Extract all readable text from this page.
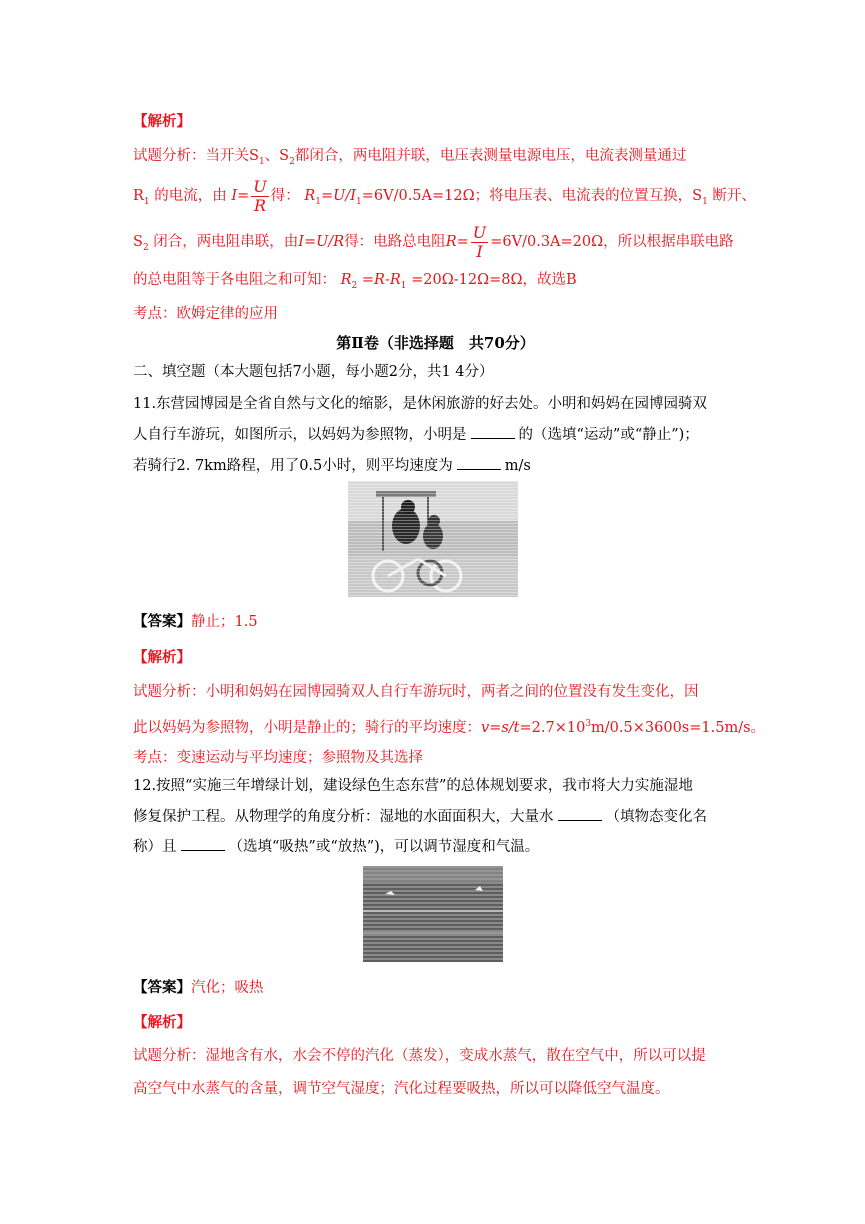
【解析】
试题分析：当开关$S_1$、$S_2$都闭合，两电阻并联，电压表测量电源电压，电流表测量通过
$R_1$ 的电流，由 $I= \frac{U}{R}$ 得： $R_1=U/I_1=6V/0.5A=12\Omega$；将电压表、电流表的位置互换，$S_1$ 断开、
$S_2$ 闭合，两电阻串联，由I=U/R得：电路总电阻$R= \frac{U}{I} =6V/0.3A=20\Omega$，所以根据串联电路
的总电阻等于各电阻之和可知： $R_2 =R-R_1 =20\Omega-12\Omega=8\Omega$，故选B
考点：欧姆定律的应用
第Ⅱ卷（非选择题　共70分）
二、填空题（本大题包括7小题，每小题2分，共1 4分）
11.东营园博园是全省自然与文化的缩影，是休闲旅游的好去处。小明和妈妈在园博园骑双
人自行车游玩，如图所示，以妈妈为参照物，小明是	的（选填“运动”或“静止”)；
若骑行2. 7km路程，用了0.5小时，则平均速度为	m/s
【答案】静止；1.5
【解析】
试题分析：小明和妈妈在园博园骑双人自行车游玩时，两者之间的位置没有发生变化，因
此以妈妈为参照物，小明是静止的；骑行的平均速度：$v=s/t=2.7\times 10^3m/0.5\times 3600s=1.5m/s$。
考点：变速运动与平均速度；参照物及其选择
12.按照“实施三年增绿计划，建设绿色生态东营”的总体规划要求，我市将大力实施湿地
修复保护工程。从物理学的角度分析：湿地的水面面积大，大量水	（填物态变化名
称）且	（选填“吸热”或“放热”)，可以调节湿度和气温。
【答案】汽化；吸热
【解析】
试题分析：湿地含有水，水会不停的汽化（蒸发），变成水蒸气，散在空气中，所以可以提
高空气中水蒸气的含量，调节空气湿度；汽化过程要吸热，所以可以降低空气温度。
